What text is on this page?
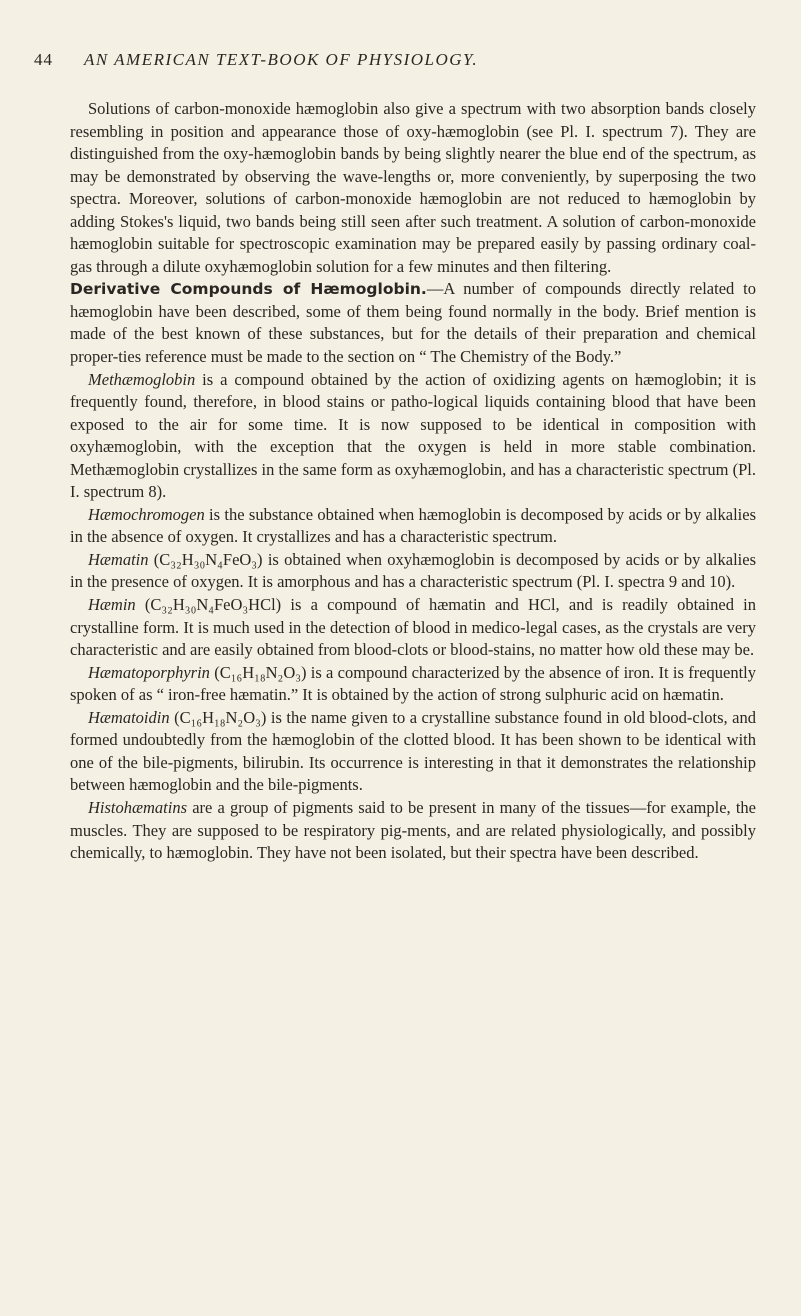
44 AN AMERICAN TEXT-BOOK OF PHYSIOLOGY.

Solutions of carbon-monoxide hæmoglobin also give a spectrum with two absorption bands closely resembling in position and appearance those of oxy-hæmoglobin (see Pl. I. spectrum 7). They are distinguished from the oxy-hæmoglobin bands by being slightly nearer the blue end of the spectrum, as may be demonstrated by observing the wave-lengths or, more conveniently, by superposing the two spectra. Moreover, solutions of carbon-monoxide hæmoglobin are not reduced to hæmoglobin by adding Stokes's liquid, two bands being still seen after such treatment. A solution of carbon-monoxide hæmoglobin suitable for spectroscopic examination may be prepared easily by passing ordinary coal-gas through a dilute oxyhæmoglobin solution for a few minutes and then filtering.

Derivative Compounds of Hæmoglobin.—A number of compounds directly related to hæmoglobin have been described, some of them being found normally in the body. Brief mention is made of the best known of these substances, but for the details of their preparation and chemical proper-ties reference must be made to the section on “ The Chemistry of the Body.”

Methæmoglobin is a compound obtained by the action of oxidizing agents on hæmoglobin; it is frequently found, therefore, in blood stains or patho-logical liquids containing blood that have been exposed to the air for some time. It is now supposed to be identical in composition with oxyhæmoglobin, with the exception that the oxygen is held in more stable combination. Methæmoglobin crystallizes in the same form as oxyhæmoglobin, and has a characteristic spectrum (Pl. I. spectrum 8).

Hæmochromogen is the substance obtained when hæmoglobin is decomposed by acids or by alkalies in the absence of oxygen. It crystallizes and has a characteristic spectrum.

Hæmatin (C₃₂H₃₀N₄FeO₃) is obtained when oxyhæmoglobin is decomposed by acids or by alkalies in the presence of oxygen. It is amorphous and has a characteristic spectrum (Pl. I. spectra 9 and 10).

Hæmin (C₃₂H₃₀N₄FeO₃HCl) is a compound of hæmatin and HCl, and is readily obtained in crystalline form. It is much used in the detection of blood in medico-legal cases, as the crystals are very characteristic and are easily obtained from blood-clots or blood-stains, no matter how old these may be.

Hæmatoporphyrin (C₁₆H₁₈N₂O₃) is a compound characterized by the absence of iron. It is frequently spoken of as “ iron-free hæmatin.” It is obtained by the action of strong sulphuric acid on hæmatin.

Hæmatoidin (C₁₆H₁₈N₂O₃) is the name given to a crystalline substance found in old blood-clots, and formed undoubtedly from the hæmoglobin of the clotted blood. It has been shown to be identical with one of the bile-pigments, bilirubin. Its occurrence is interesting in that it demonstrates the relationship between hæmoglobin and the bile-pigments.

Histohæmatins are a group of pigments said to be present in many of the tissues—for example, the muscles. They are supposed to be respiratory pig-ments, and are related physiologically, and possibly chemically, to hæmoglobin. They have not been isolated, but their spectra have been described.
